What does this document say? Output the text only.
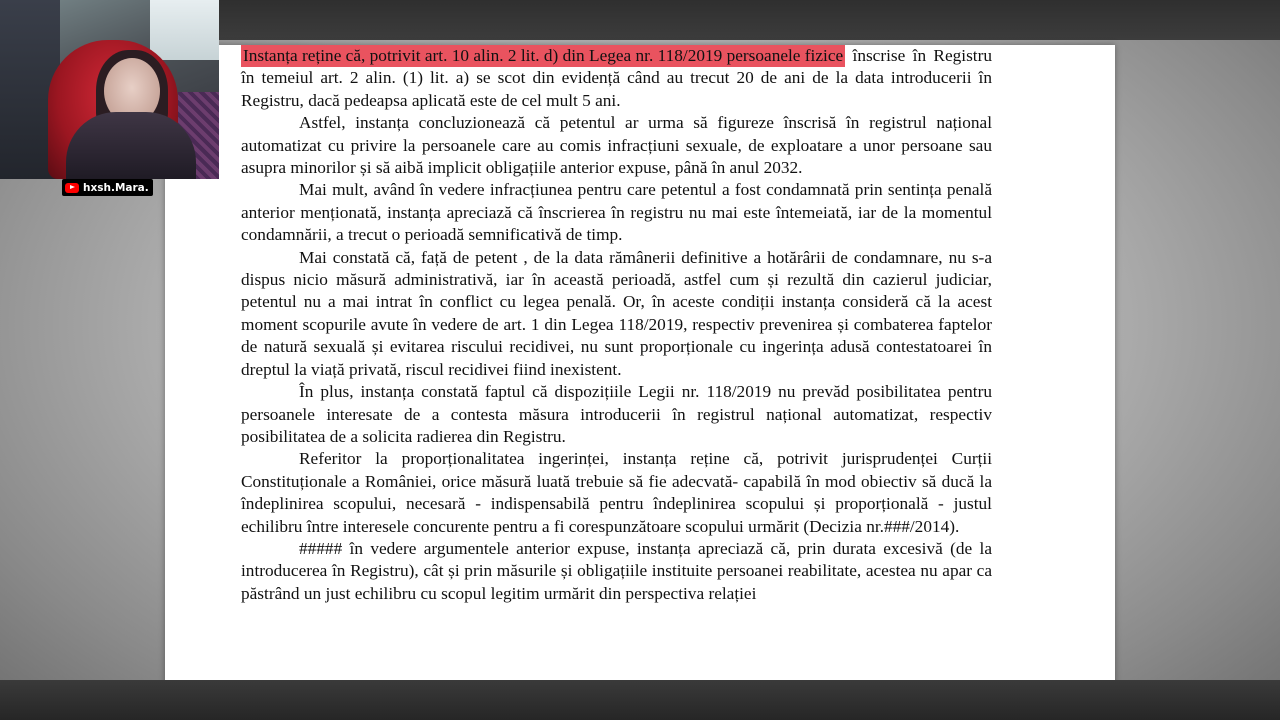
Instanța reține că, potrivit art. 10 alin. 2 lit. d) din Legea nr. 118/2019 persoanele fizice înscrise în Registru în temeiul art. 2 alin. (1) lit. a) se scot din evidență când au trecut 20 de ani de la data introducerii în Registru, dacă pedeapsa aplicată este de cel mult 5 ani.

Astfel, instanța concluzionează că petentul ar urma să figureze înscrisă în registrul național automatizat cu privire la persoanele care au comis infracțiuni sexuale, de exploatare a unor persoane sau asupra minorilor și să aibă implicit obligațiile anterior expuse, până în anul 2032.

Mai mult, având în vedere infracțiunea pentru care petentul a fost condamnată prin sentința penală anterior menționată, instanța apreciază că înscrierea în registru nu mai este întemeiată, iar de la momentul condamnării, a trecut o perioadă semnificativă de timp.

Mai constată că, față de petent , de la data rămânerii definitive a hotărârii de condamnare, nu s-a dispus nicio măsură administrativă, iar în această perioadă, astfel cum și rezultă din cazierul judiciar, petentul nu a mai intrat în conflict cu legea penală. Or, în aceste condiții instanța consideră că la acest moment scopurile avute în vedere de art. 1 din Legea 118/2019, respectiv prevenirea și combaterea faptelor de natură sexuală și evitarea riscului recidivei, nu sunt proporționale cu ingerința adusă contestatoarei în dreptul la viață privată, riscul recidivei fiind inexistent.

În plus, instanța constată faptul că dispozițiile Legii nr. 118/2019 nu prevăd posibilitatea pentru persoanele interesate de a contesta măsura introducerii în registrul național automatizat, respectiv posibilitatea de a solicita radierea din Registru.

Referitor la proporționalitatea ingerinței, instanța reține că, potrivit jurisprudenței Curții Constituționale a României, orice măsură luată trebuie să fie adecvată- capabilă în mod obiectiv să ducă la îndeplinirea scopului, necesară - indispensabilă pentru îndeplinirea scopului și proporțională - justul echilibru între interesele concurente pentru a fi corespunzătoare scopului urmărit (Decizia nr.###/2014).

##### în vedere argumentele anterior expuse, instanța apreciază că, prin durata excesivă (de la introducerea în Registru), cât și prin măsurile și obligațiile instituite persoanei reabilitate, acestea nu apar ca păstrând un just echilibru cu scopul legitim urmărit din perspectiva relației

hxsh.Mara.
